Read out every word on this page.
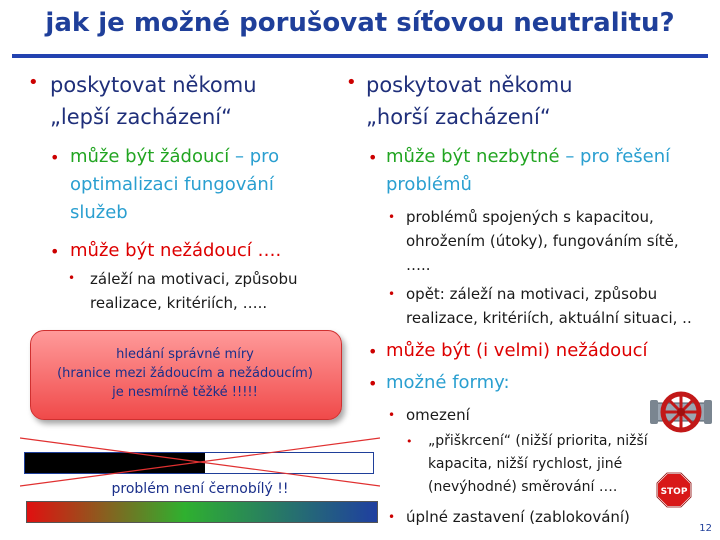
jak je možné porušovat síťovou neutralitu?
• poskytovat někomu
„lepší zacházení“
• může být žádoucí – pro
optimalizaci fungování
služeb
• může být nežádoucí ….
• záleží na motivaci, způsobu
realizace, kritériích, …..
hledání správné míry
(hranice mezi žádoucím a nežádoucím)
je nesmírně těžké !!!!!
problém není černobílý !!
• poskytovat někomu
„horší zacházení“
• může být nezbytné – pro řešení
problémů
• problémů spojených s kapacitou,
ohrožením (útoky), fungováním sítě,
…..
• opět: záleží na motivaci, způsobu
realizace, kritériích, aktuální situaci, ..
• může být (i velmi) nežádoucí
• možné formy:
• omezení
• „přiškrcení“ (nižší priorita, nižší
kapacita, nižší rychlost, jiné
(nevýhodné) směrování ….
• úplné zastavení (zablokování)
STOP
12
